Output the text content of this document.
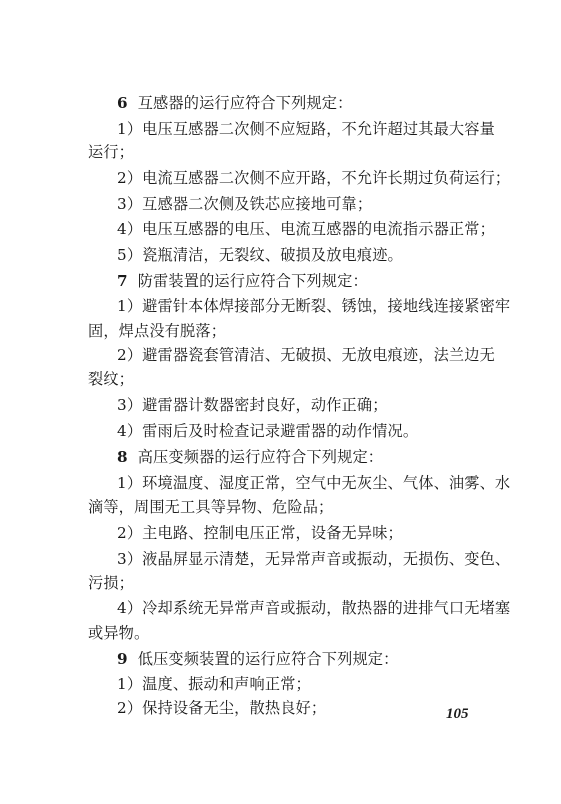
105
6 互感器的运行应符合下列规定：
1）电压互感器二次侧不应短路，不允许超过其最大容量
运行；
2）电流互感器二次侧不应开路，不允许长期过负荷运行；
3）互感器二次侧及铁芯应接地可靠；
4）电压互感器的电压、电流互感器的电流指示器正常；
5）瓷瓶清洁，无裂纹、破损及放电痕迹。
7 防雷装置的运行应符合下列规定：
1）避雷针本体焊接部分无断裂、锈蚀，接地线连接紧密牢
固，焊点没有脱落；
2）避雷器瓷套管清洁、无破损、无放电痕迹，法兰边无
裂纹；
3）避雷器计数器密封良好，动作正确；
4）雷雨后及时检查记录避雷器的动作情况。
8 高压变频器的运行应符合下列规定：
1）环境温度、湿度正常，空气中无灰尘、气体、油雾、水
滴等，周围无工具等异物、危险品；
2）主电路、控制电压正常，设备无异味；
3）液晶屏显示清楚，无异常声音或振动，无损伤、变色、
污损；
4）冷却系统无异常声音或振动，散热器的进排气口无堵塞
或异物。
9 低压变频装置的运行应符合下列规定：
1）温度、振动和声响正常；
2）保持设备无尘，散热良好；
